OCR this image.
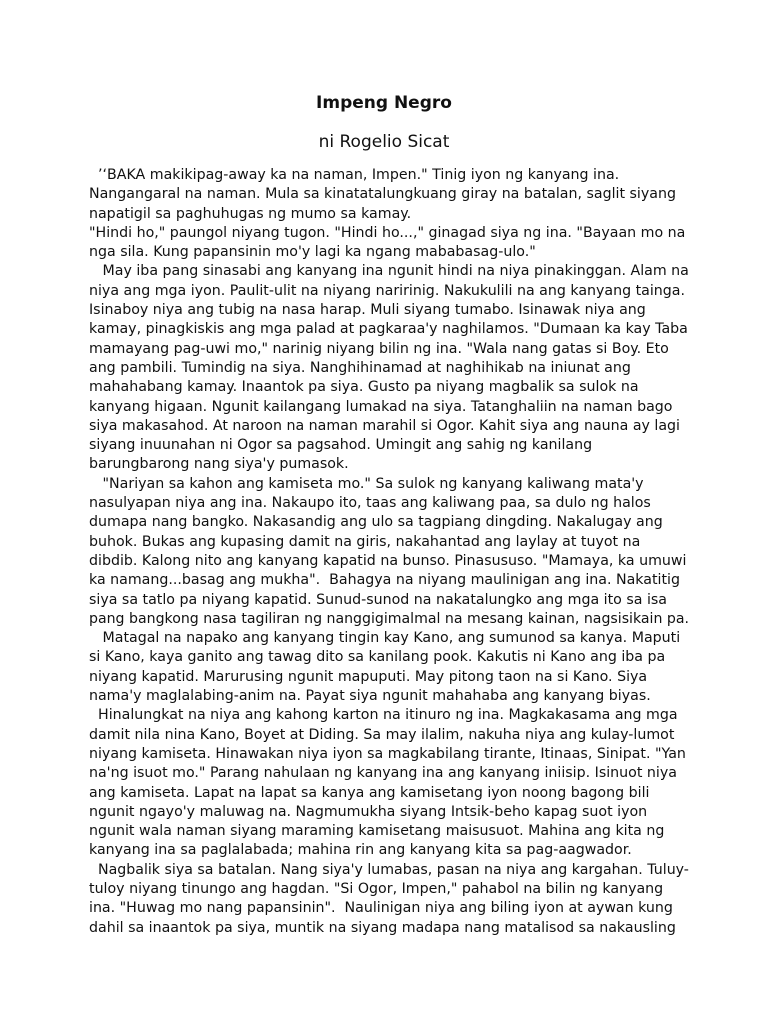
Impeng Negro
ni Rogelio Sicat
’‘BAKA makikipag-away ka na naman, Impen." Tinig iyon ng kanyang ina.
Nangangaral na naman. Mula sa kinatatalungkuang giray na batalan, saglit siyang
napatigil sa paghuhugas ng mumo sa kamay.
"Hindi ho," paungol niyang tugon. "Hindi ho...," ginagad siya ng ina. "Bayaan mo na
nga sila. Kung papansinin mo'y lagi ka ngang mababasag-ulo."
May iba pang sinasabi ang kanyang ina ngunit hindi na niya pinakinggan. Alam na
niya ang mga iyon. Paulit-ulit na niyang naririnig. Nakukulili na ang kanyang tainga.
Isinaboy niya ang tubig na nasa harap. Muli siyang tumabo. Isinawak niya ang
kamay, pinagkiskis ang mga palad at pagkaraa'y naghilamos. "Dumaan ka kay Taba
mamayang pag-uwi mo," narinig niyang bilin ng ina. "Wala nang gatas si Boy. Eto
ang pambili. Tumindig na siya. Nanghihinamad at naghihikab na iniunat ang
mahahabang kamay. Inaantok pa siya. Gusto pa niyang magbalik sa sulok na
kanyang higaan. Ngunit kailangang lumakad na siya. Tatanghaliin na naman bago
siya makasahod. At naroon na naman marahil si Ogor. Kahit siya ang nauna ay lagi
siyang inuunahan ni Ogor sa pagsahod. Umingit ang sahig ng kanilang
barungbarong nang siya'y pumasok.
"Nariyan sa kahon ang kamiseta mo." Sa sulok ng kanyang kaliwang mata'y
nasulyapan niya ang ina. Nakaupo ito, taas ang kaliwang paa, sa dulo ng halos
dumapa nang bangko. Nakasandig ang ulo sa tagpiang dingding. Nakalugay ang
buhok. Bukas ang kupasing damit na giris, nakahantad ang laylay at tuyot na
dibdib. Kalong nito ang kanyang kapatid na bunso. Pinasususo. "Mamaya, ka umuwi
ka namang...basag ang mukha".  Bahagya na niyang maulinigan ang ina. Nakatitig
siya sa tatlo pa niyang kapatid. Sunud-sunod na nakatalungko ang mga ito sa isa
pang bangkong nasa tagiliran ng nanggigimalmal na mesang kainan, nagsisikain pa.
Matagal na napako ang kanyang tingin kay Kano, ang sumunod sa kanya. Maputi
si Kano, kaya ganito ang tawag dito sa kanilang pook. Kakutis ni Kano ang iba pa
niyang kapatid. Marurusing ngunit mapuputi. May pitong taon na si Kano. Siya
nama'y maglalabing-anim na. Payat siya ngunit mahahaba ang kanyang biyas.
Hinalungkat na niya ang kahong karton na itinuro ng ina. Magkakasama ang mga
damit nila nina Kano, Boyet at Diding. Sa may ilalim, nakuha niya ang kulay-lumot
niyang kamiseta. Hinawakan niya iyon sa magkabilang tirante, Itinaas, Sinipat. "Yan
na'ng isuot mo." Parang nahulaan ng kanyang ina ang kanyang iniisip. Isinuot niya
ang kamiseta. Lapat na lapat sa kanya ang kamisetang iyon noong bagong bili
ngunit ngayo'y maluwag na. Nagmumukha siyang Intsik-beho kapag suot iyon
ngunit wala naman siyang maraming kamisetang maisusuot. Mahina ang kita ng
kanyang ina sa paglalabada; mahina rin ang kanyang kita sa pag-aagwador.
Nagbalik siya sa batalan. Nang siya'y lumabas, pasan na niya ang kargahan. Tuluy-
tuloy niyang tinungo ang hagdan. "Si Ogor, Impen," pahabol na bilin ng kanyang
ina. "Huwag mo nang papansinin".  Naulinigan niya ang biling iyon at aywan kung
dahil sa inaantok pa siya, muntik na siyang madapa nang matalisod sa nakausling
